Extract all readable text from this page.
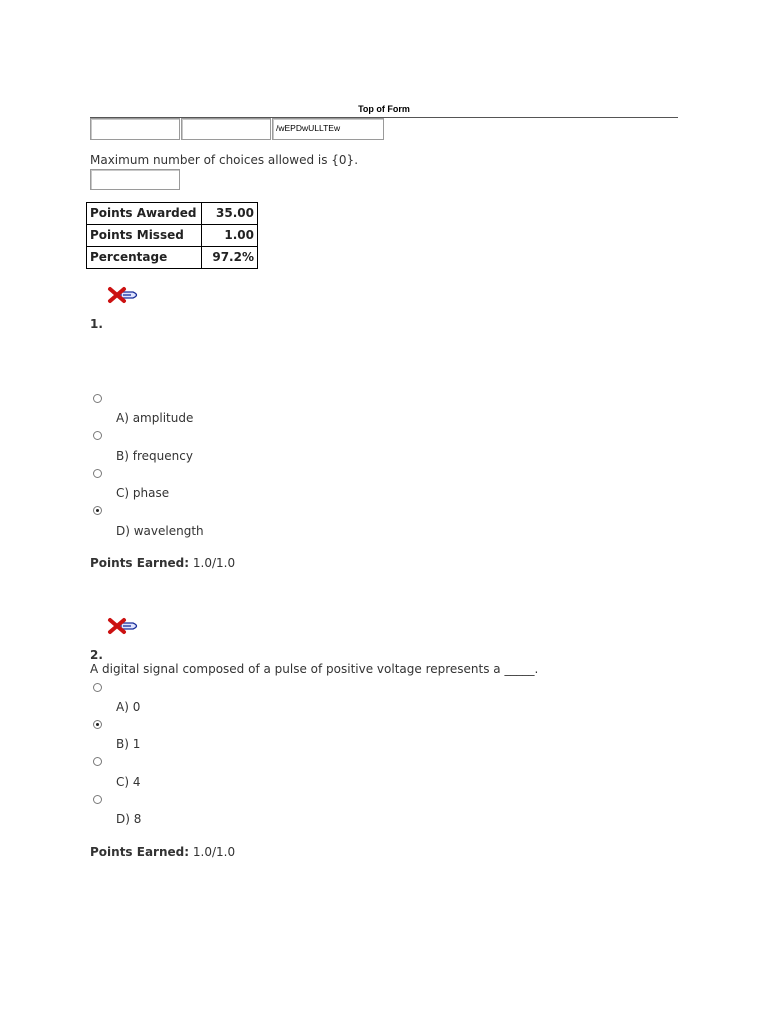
Top of Form
/wEPDwULLTEw
Maximum number of choices allowed is {0}.
Points Awarded	35.00
Points Missed	1.00
Percentage	97.2%
1.
A) amplitude
B) frequency
C) phase
D) wavelength
Points Earned: 1.0/1.0
2.
A digital signal composed of a pulse of positive voltage represents a _____.
A) 0
B) 1
C) 4
D) 8
Points Earned: 1.0/1.0
